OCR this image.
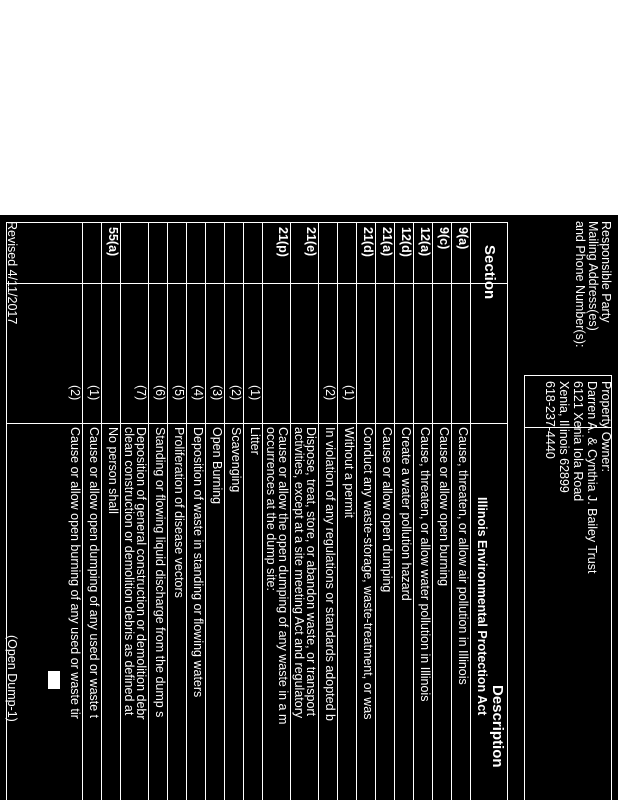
Responsible Party
Mailing Address(es)
and Phone Number(s):
Property Owner:
Darren A. & Cynthia J. Bailey Trust
6121 Xenia Iola Road
Xenia, Illinois 62899
618-237-4440
Section
Description
Illinois Environmental Protection Act
9(a)
Cause, threaten, or allow air pollution in Illinois
9(c)
Cause or allow open burning
12(a)
Cause, threaten, or allow water pollution in Illinois
12(d)
Create a water pollution hazard
21(a)
Cause or allow open dumping
21(d)
Conduct any waste-storage, waste-treatment, or was
(1)
Without a permit
(2)
In violation of any regulations or standards adopted b
21(e)
Dispose, treat, store, or abandon waste, or transport
activities, except at a site meeting Act and regulatory
21(p)
Cause or allow the open dumping of any waste in a m
occurrences at the dump site:
(1)
Litter
(2)
Scavenging
(3)
Open Burning
(4)
Deposition of waste in standing or flowing waters
(5)
Proliferation of disease vectors
(6)
Standing or flowing liquid discharge from the dump s
(7)
Deposition of general construction or demolition debr
clean construction or demolition debris as defined at
55(a)
No person shall
(1)
Cause or allow open dumping of any used or waste t
(2)
Cause or allow open burning of any used or waste tir
Revised 4/11/2017
(Open Dump-1)
